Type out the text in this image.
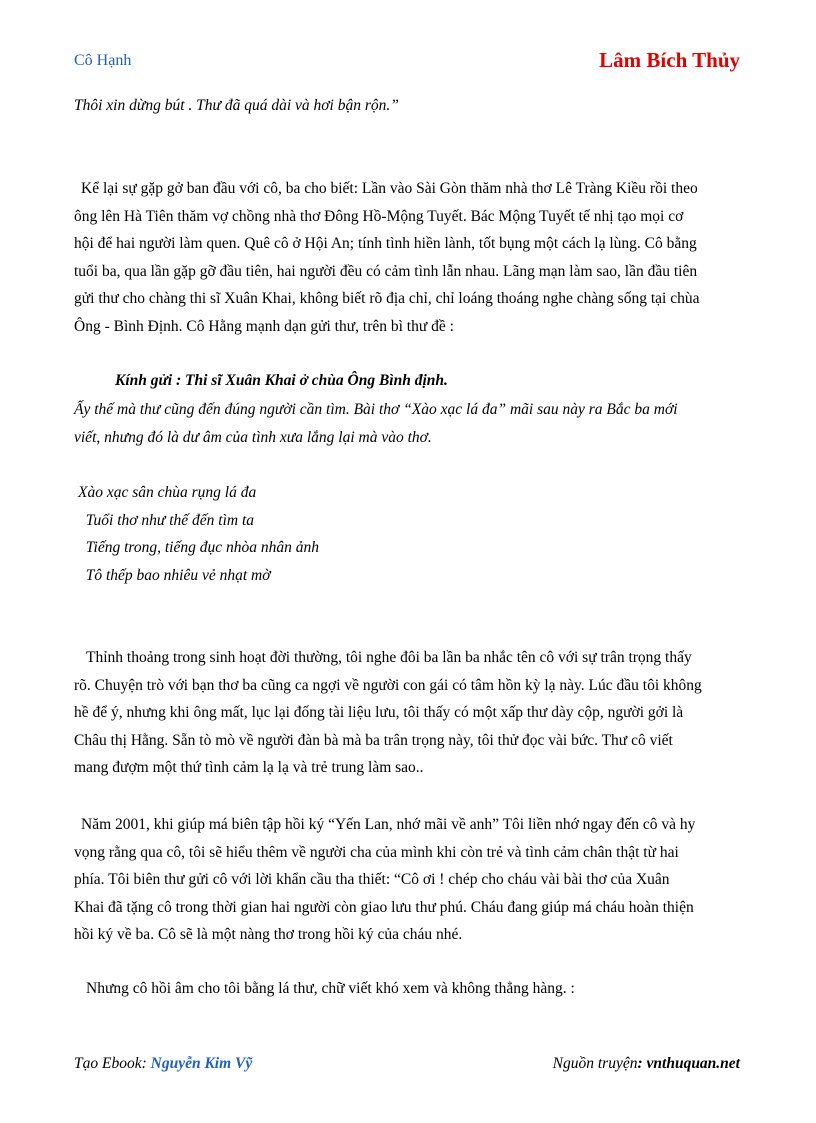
Cô Hạnh	Lâm Bích Thủy
Thôi xin dừng bút . Thư đã quá dài và hơi bận rộn.”
Kể lại sự gặp gở ban đầu với cô, ba cho biết: Lần vào Sài Gòn thăm nhà thơ Lê Tràng Kiều rồi theo
ông lên Hà Tiên thăm vợ chồng nhà thơ Đông Hồ-Mộng Tuyết. Bác Mộng Tuyết tế nhị tạo mọi cơ
hội để hai người làm quen. Quê cô ở Hội An; tính tình hiền lành, tốt bụng một cách lạ lùng. Cô bằng
tuổi ba, qua lần gặp gỡ đầu tiên, hai người đều có cảm tình lẫn nhau. Lãng mạn làm sao, lần đầu tiên
gửi thư cho chàng thi sĩ Xuân Khai, không biết rõ địa chỉ, chỉ loáng thoáng nghe chàng sống tại chùa
Ông - Bình Định. Cô Hằng mạnh dạn gửi thư, trên bì thư đề :
Kính gửi : Thi sĩ Xuân Khai ở chùa Ông Bình định.
Ấy thế mà thư cũng đến đúng người cần tìm. Bài thơ “Xào xạc lá đa” mãi sau này ra Bắc ba mới
viết, nhưng đó là dư âm của tình xưa lắng lại mà vào thơ.
Xào xạc sân chùa rụng lá đa
Tuổi thơ như thế đến tìm ta
Tiếng trong, tiếng đục nhòa nhân ảnh
Tô thếp bao nhiêu vẻ nhạt mờ
Thỉnh thoảng trong sinh hoạt đời thường, tôi nghe đôi ba lần ba nhắc tên cô với sự trân trọng thấy
rõ. Chuyện trò với bạn thơ ba cũng ca ngợi về người con gái có tâm hồn kỳ lạ này. Lúc đầu tôi không
hề để ý, nhưng khi ông mất, lục lại đống tài liệu lưu, tôi thấy có một xấp thư dày cộp, người gởi là
Châu thị Hằng. Sẵn tò mò về người đàn bà mà ba trân trọng này, tôi thử đọc vài bức. Thư cô viết
mang đượm một thứ tình cảm lạ lạ và trẻ trung làm sao..
Năm 2001, khi giúp má biên tập hồi ký “Yến Lan, nhớ mãi về anh” Tôi liền nhớ ngay đến cô và hy
vọng rằng qua cô, tôi sẽ hiểu thêm về người cha của mình khi còn trẻ và tình cảm chân thật từ hai
phía. Tôi biên thư gửi cô với lời khẩn cầu tha thiết: “Cô ơi ! chép cho cháu vài bài thơ của Xuân
Khai đã tặng cô trong thời gian hai người còn giao lưu thư phú. Cháu đang giúp má cháu hoàn thiện
hồi ký về ba. Cô sẽ là một nàng thơ trong hồi ký của cháu nhé.
Nhưng cô hồi âm cho tôi bằng lá thư, chữ viết khó xem và không thẳng hàng. :
Tạo Ebook: Nguyễn Kim Vỹ	Nguồn truyện: vnthuquan.net
